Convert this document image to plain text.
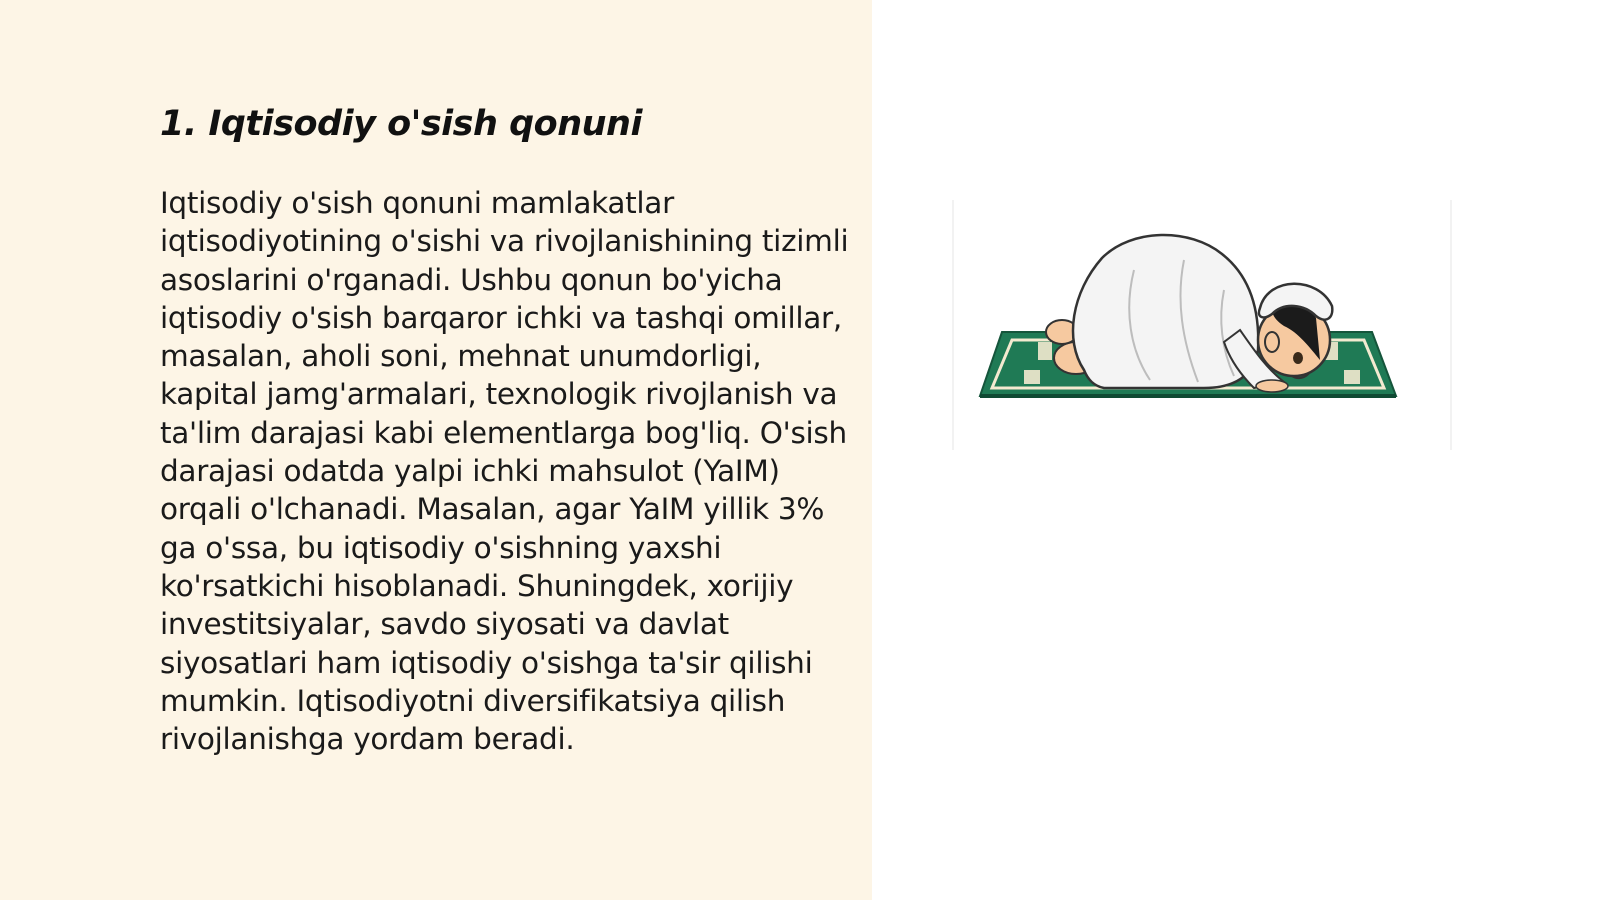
1. Iqtisodiy o'sish qonuni

Iqtisodiy o'sish qonuni mamlakatlar iqtisodiyotining o'sishi va rivojlanishining tizimli asoslarini o'rganadi. Ushbu qonun bo'yicha iqtisodiy o'sish barqaror ichki va tashqi omillar, masalan, aholi soni, mehnat unumdorligi, kapital jamg'armalari, texnologik rivojlanish va ta'lim darajasi kabi elementlarga bog'liq. O'sish darajasi odatda yalpi ichki mahsulot (YaIM) orqali o'lchanadi. Masalan, agar YaIM yillik 3% ga o'ssa, bu iqtisodiy o'sishning yaxshi ko'rsatkichi hisoblanadi. Shuningdek, xorijiy investitsiyalar, savdo siyosati va davlat siyosatlari ham iqtisodiy o'sishga ta'sir qilishi mumkin. Iqtisodiyotni diversifikatsiya qilish rivojlanishga yordam beradi.
